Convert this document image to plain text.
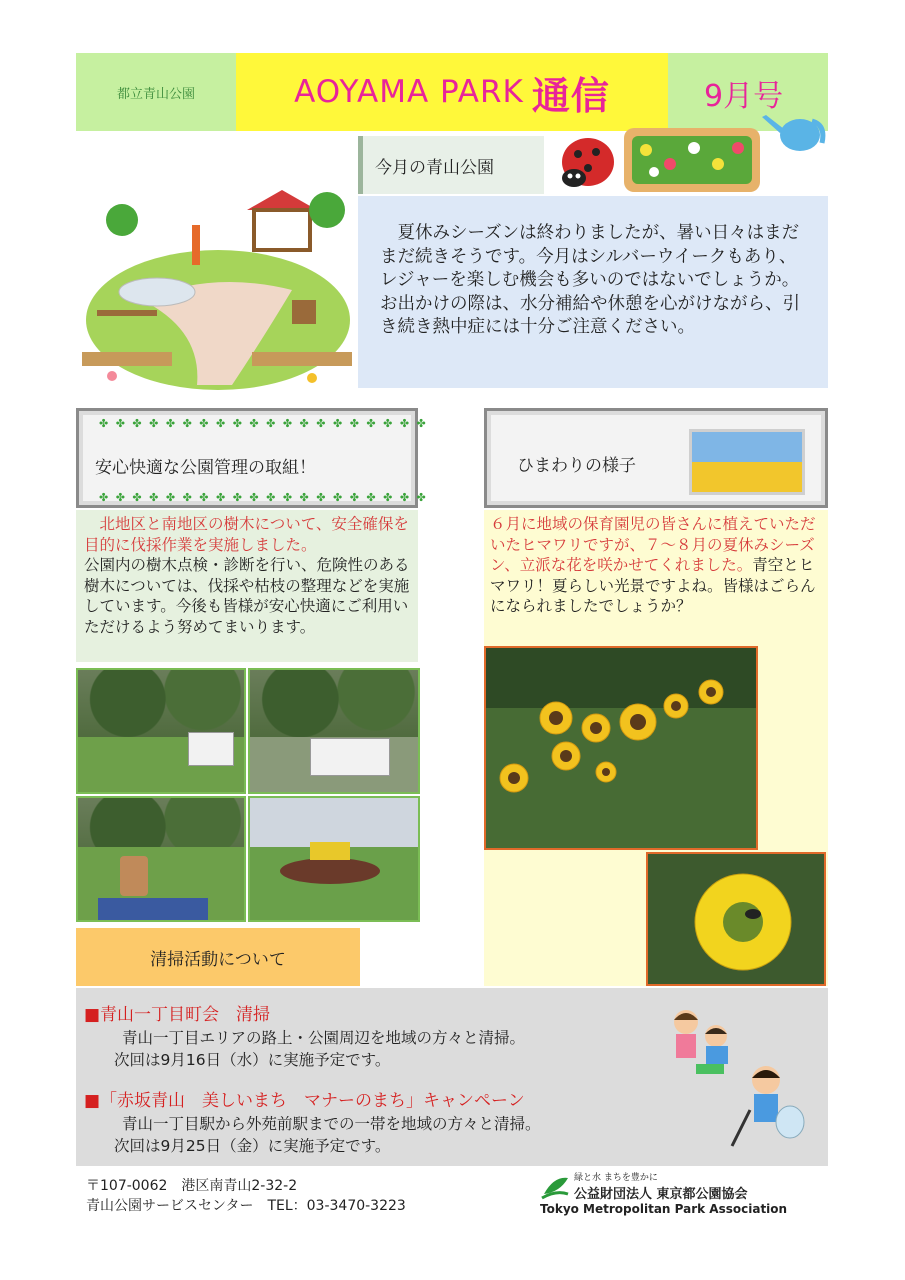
都立青山公園	AOYAMA PARK 通信	9月号
今月の青山公園

夏休みシーズンは終わりましたが、暑い日々はまだまだ続きそうです。今月はシルバーウイークもあり、レジャーを楽しむ機会も多いのではないでしょうか。お出かけの際は、水分補給や休憩を心がけながら、引き続き熱中症には十分ご注意ください。

✤ ✤ ✤ ✤ ✤ ✤ ✤ ✤ ✤ ✤ ✤ ✤ ✤ ✤ ✤ ✤ ✤ ✤ ✤ ✤
安心快適な公園管理の取組！
✤ ✤ ✤ ✤ ✤ ✤ ✤ ✤ ✤ ✤ ✤ ✤ ✤ ✤ ✤ ✤ ✤ ✤ ✤ ✤

北地区と南地区の樹木について、安全確保を目的に伐採作業を実施しました。

公園内の樹木点検・診断を行い、危険性のある樹木については、伐採や枯枝の整理などを実施しています。今後も皆様が安心快適にご利用いただけるよう努めてまいります。

清掃活動について
ひまわりの様子

６月に地域の保育園児の皆さんに植えていただいたヒマワリですが、７～８月の夏休みシーズン、立派な花を咲かせてくれました。青空とヒマワリ！夏らしい光景ですよね。皆様はごらんになられましたでしょうか？

■青山一丁目町会　清掃
青山一丁目エリアの路上・公園周辺を地域の方々と清掃。
次回は9月16日（水）に実施予定です。
■「赤坂青山　美しいまち　マナーのまち」キャンペーン
青山一丁目駅から外苑前駅までの一帯を地域の方々と清掃。
次回は9月25日（金）に実施予定です。
〒107-0062　港区南青山2-32-2
青山公園サービスセンター　TEL：03-3470-3223
緑と水 まちを豊かに
公益財団法人 東京都公園協会
Tokyo Metropolitan Park Association
